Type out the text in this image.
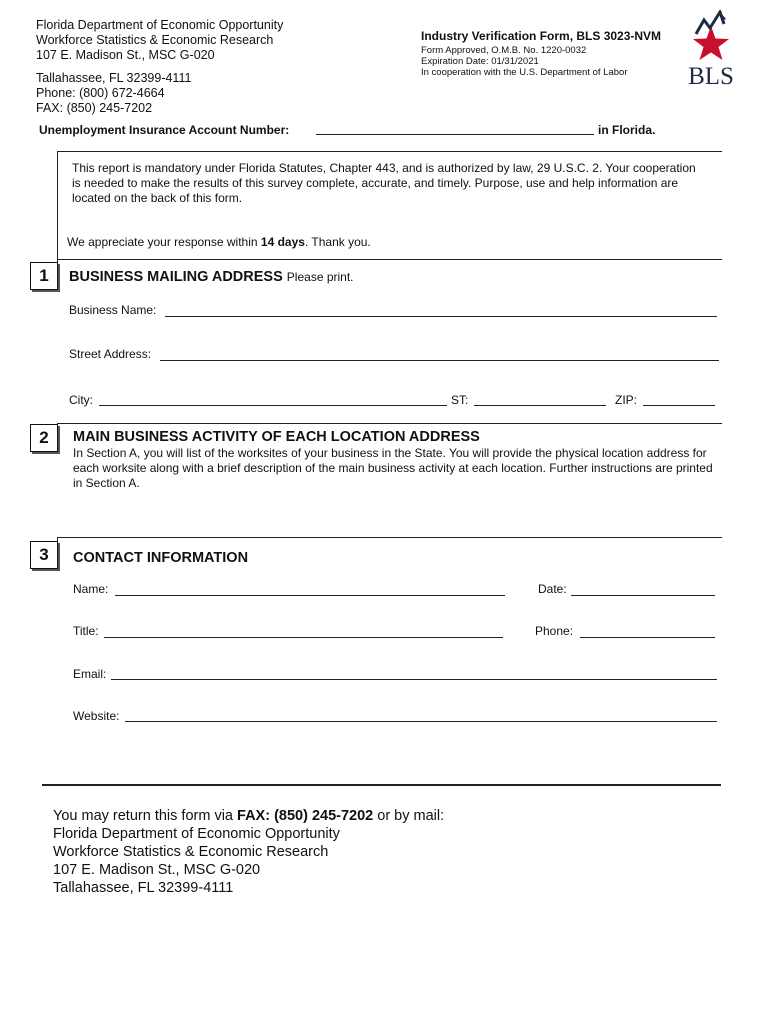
Florida Department of Economic Opportunity
Workforce Statistics & Economic Research
107 E. Madison St., MSC G-020
Tallahassee, FL 32399-4111
Phone: (800) 672-4664
FAX: (850) 245-7202
Industry Verification Form, BLS 3023-NVM
Form Approved, O.M.B. No. 1220-0032
Expiration Date: 01/31/2021
In cooperation with the U.S. Department of Labor	BLS
Unemployment Insurance Account Number:	in Florida.
This report is mandatory under Florida Statutes, Chapter 443, and is authorized by law, 29 U.S.C. 2. Your cooperation is needed to make the results of this survey complete, accurate, and timely. Purpose, use and help information are located on the back of this form.
We appreciate your response within 14 days. Thank you.
1	BUSINESS MAILING ADDRESS Please print.
Business Name:
Street Address:
City:	ST:	ZIP:
2	MAIN BUSINESS ACTIVITY OF EACH LOCATION ADDRESS
In Section A, you will list of the worksites of your business in the State. You will provide the physical location address for each worksite along with a brief description of the main business activity at each location. Further instructions are printed in Section A.
3	CONTACT INFORMATION
Name:	Date:
Title:	Phone:
Email:
Website:
You may return this form via FAX: (850) 245-7202 or by mail:
Florida Department of Economic Opportunity
Workforce Statistics & Economic Research
107 E. Madison St., MSC G-020
Tallahassee, FL 32399-4111
